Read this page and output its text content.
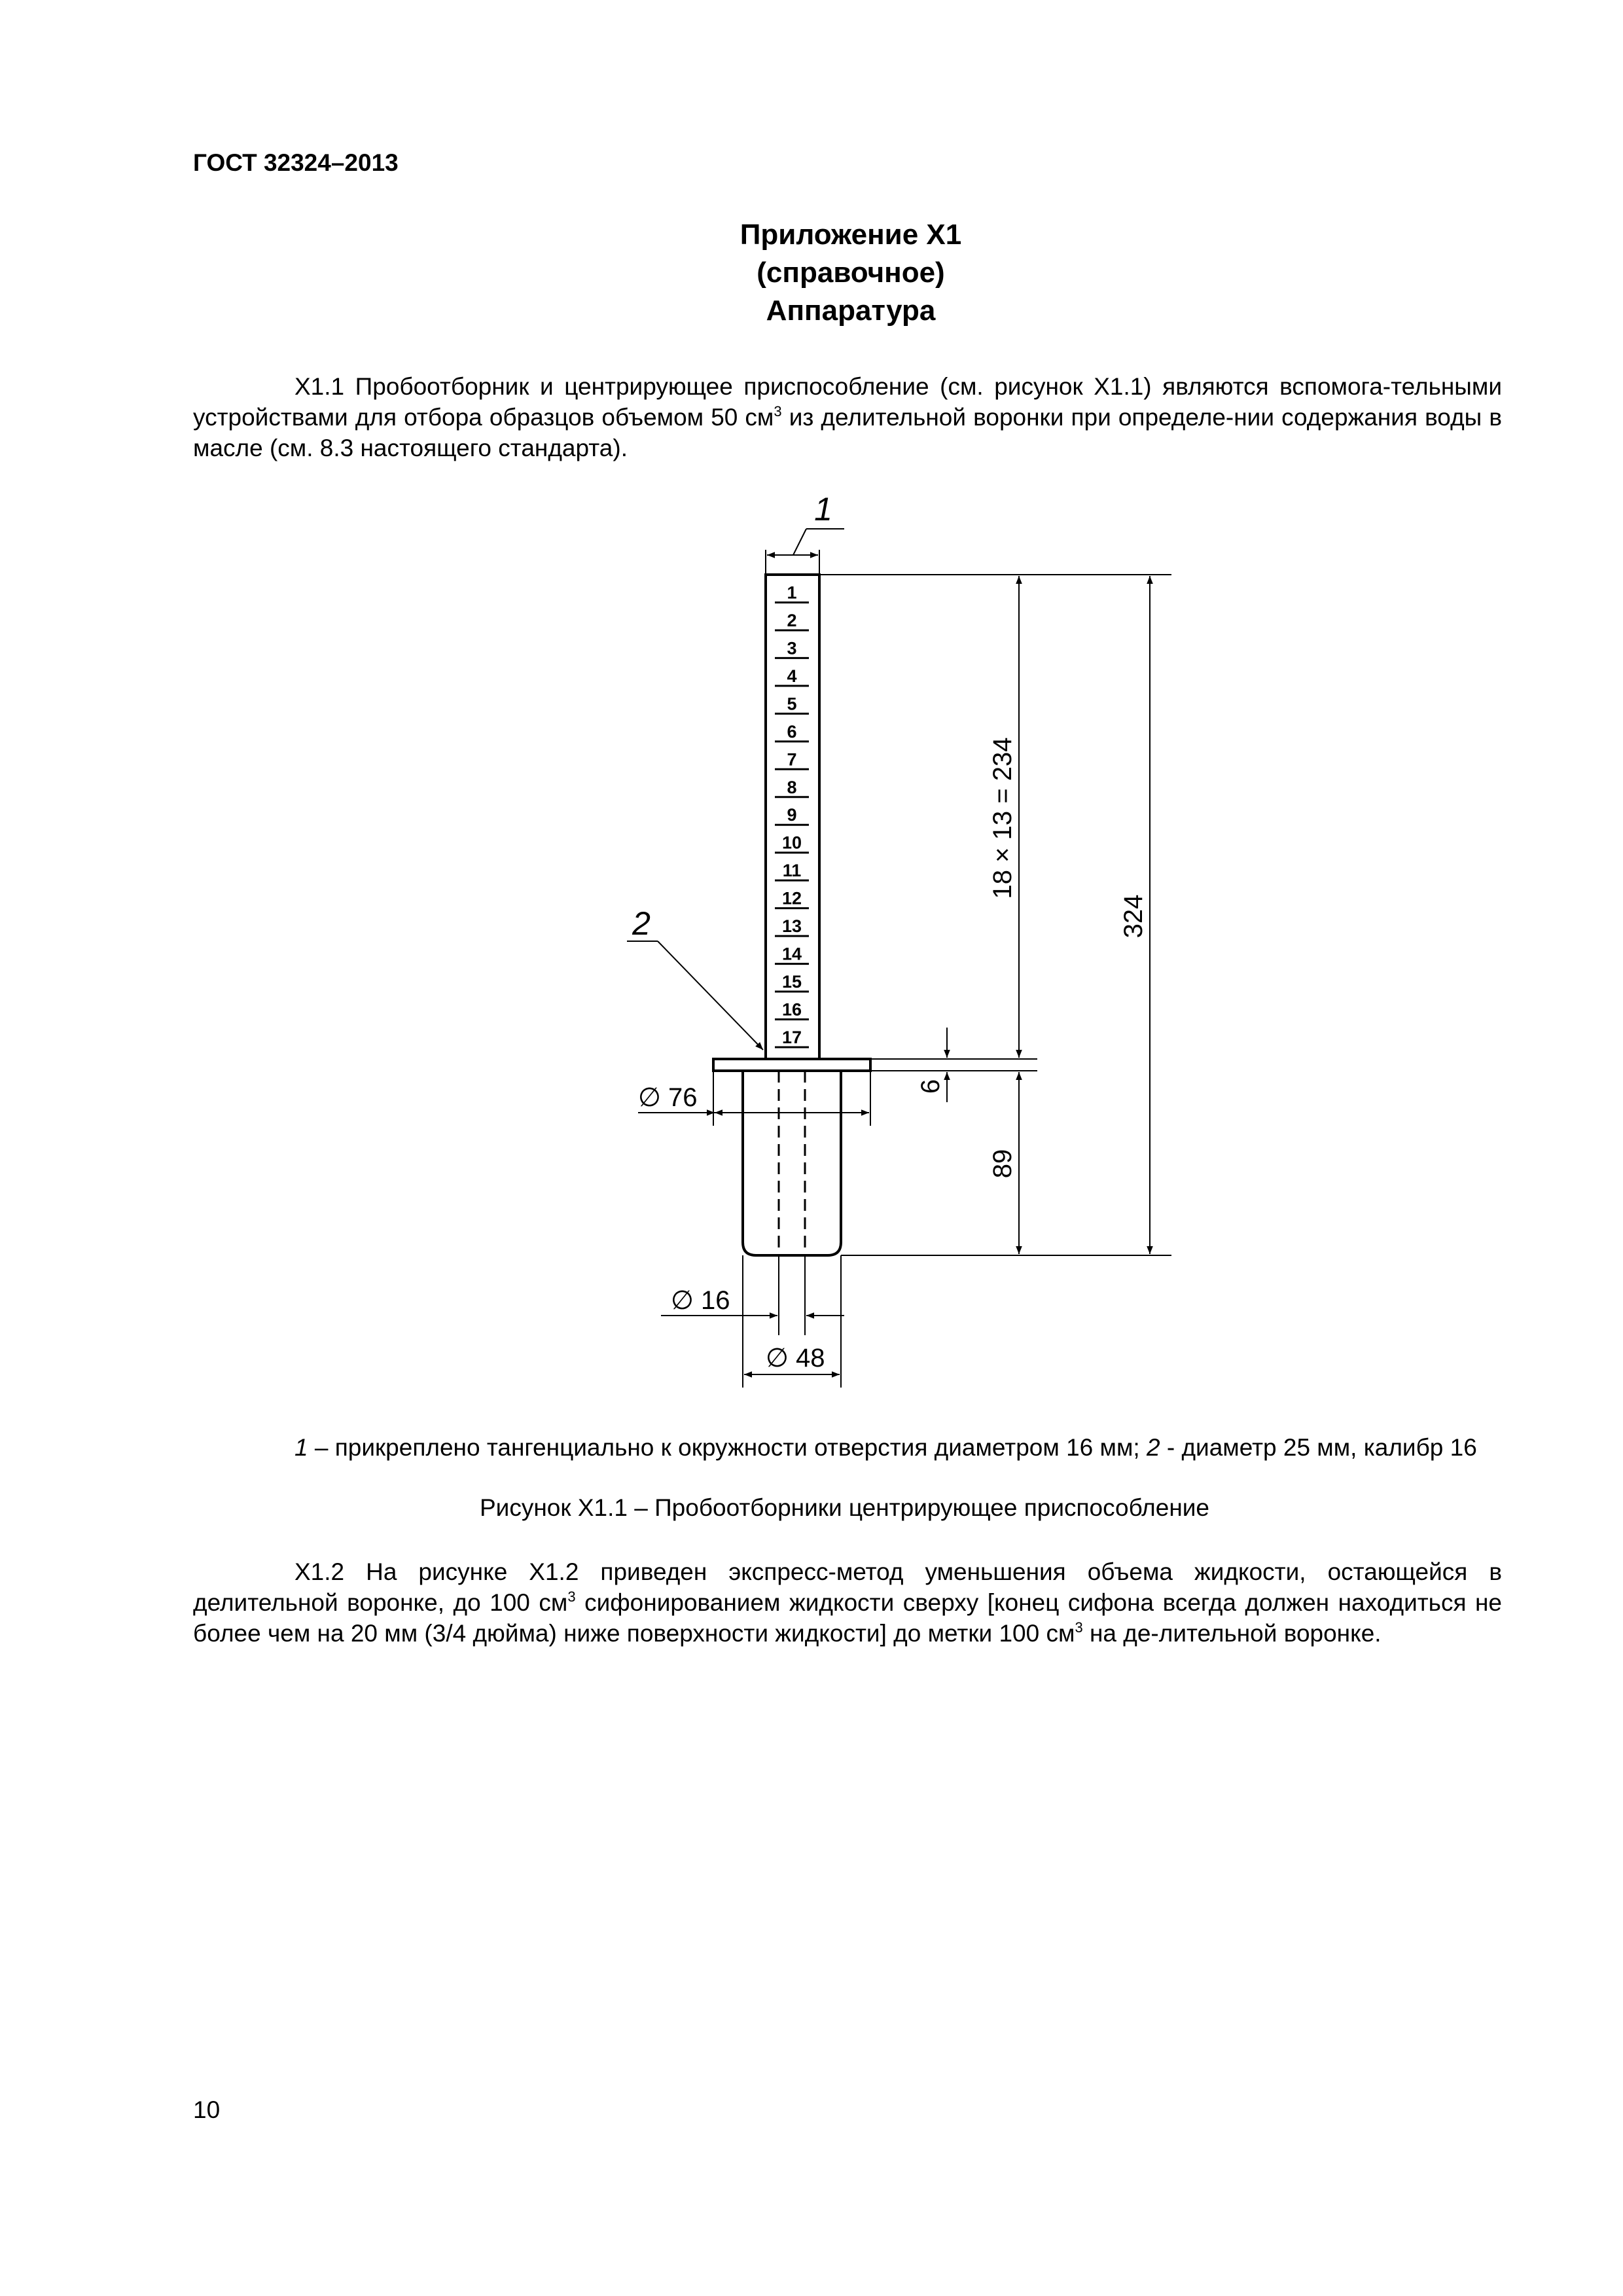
ГОСТ 32324–2013
Приложение Х1
(справочное)
Аппаратура
Х1.1 Пробоотборник и центрирующее приспособление (см. рисунок Х1.1) являются вспомога-тельными устройствами для отбора образцов объемом 50 $см^3$ из делительной воронки при определе-нии содержания воды в масле (см. 8.3 настоящего стандарта).
1
1
2
3
4
5
6
7
8
9
10
11
12
13
14
15
16
17
2
18 × 13 = 234
324
6
89
∅ 76
∅ 16
∅ 48
1 – прикреплено тангенциально к окружности отверстия диаметром 16 мм; 2 - диаметр 25 мм, калибр 16
Рисунок Х1.1 – Пробоотборники центрирующее приспособление
Х1.2 На рисунке Х1.2 приведен экспресс-метод уменьшения объема жидкости, остающейся в делительной воронке, до 100 $см^3$ сифонированием жидкости сверху [конец сифона всегда должен находиться не более чем на 20 мм (3/4 дюйма) ниже поверхности жидкости] до метки 100 $см^3$ на де-лительной воронке.
10
